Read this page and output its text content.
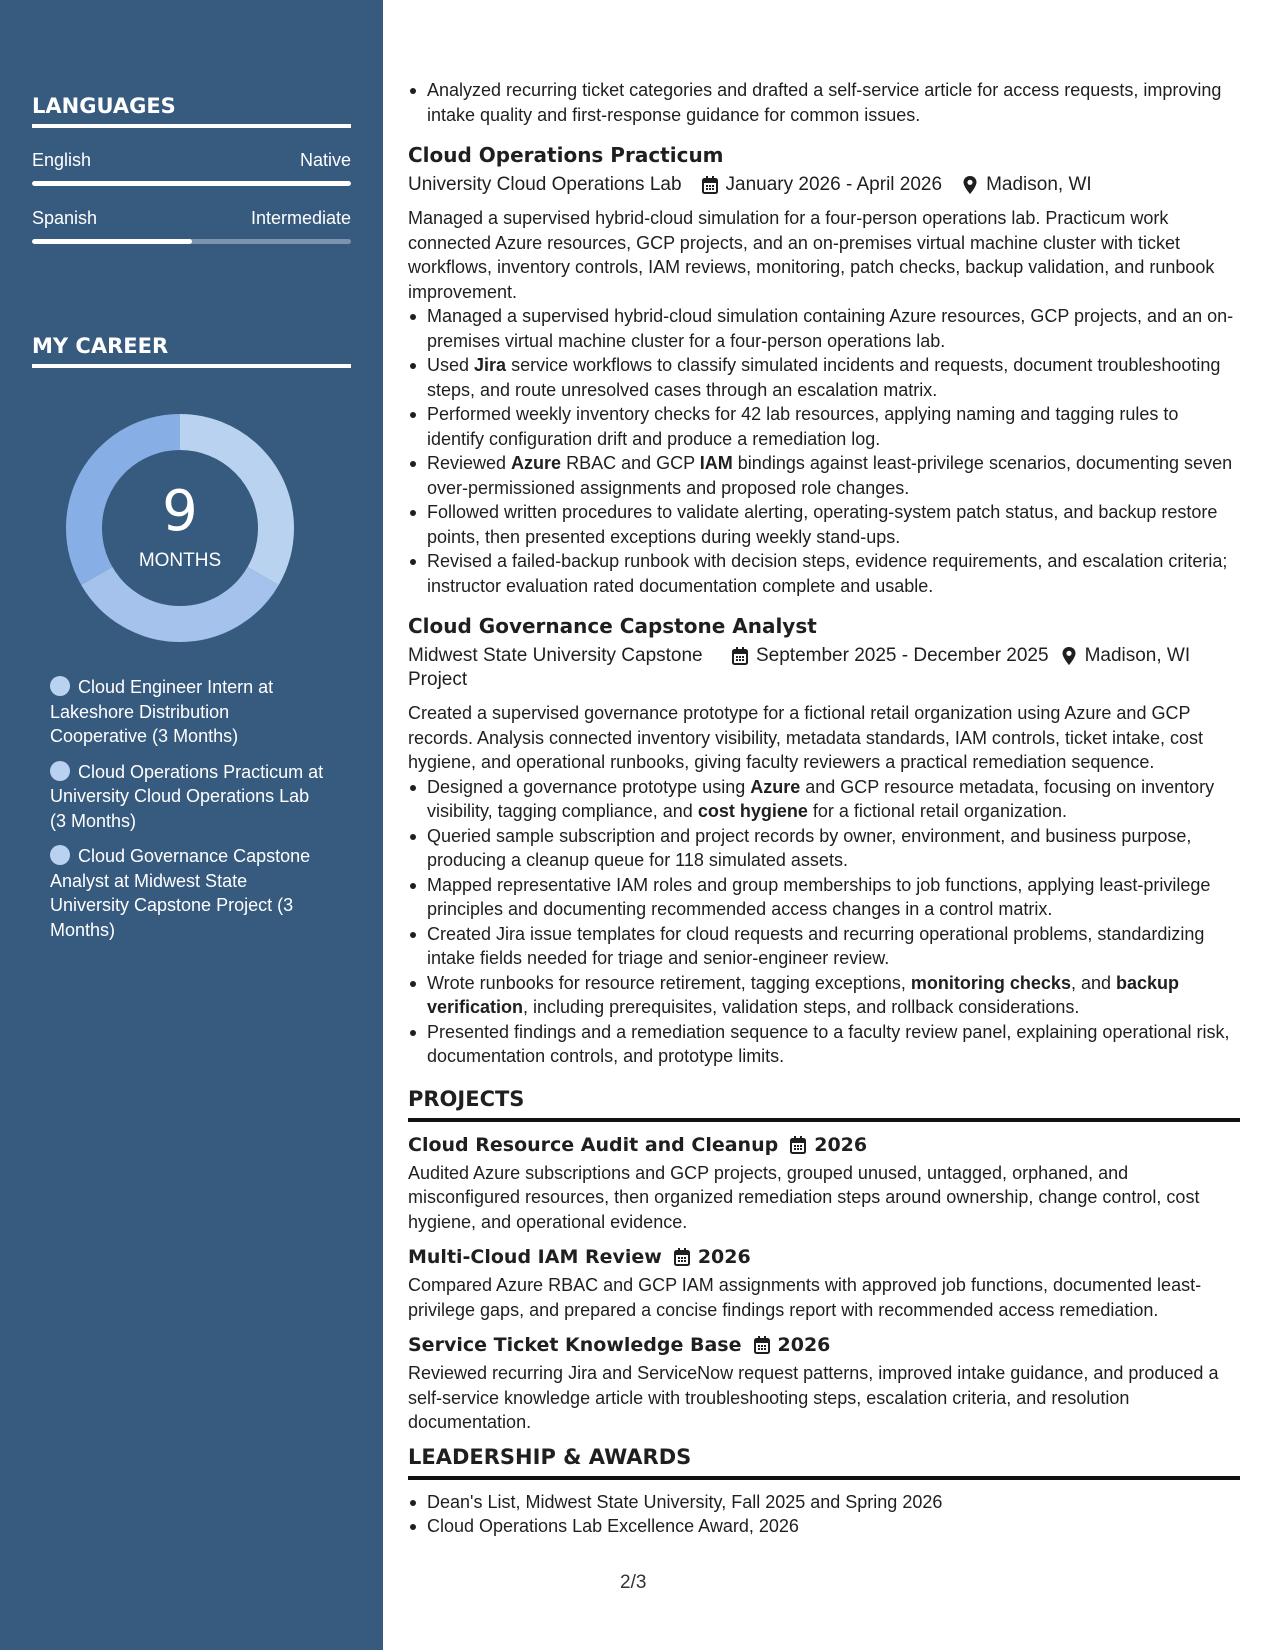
LANGUAGES
English	Native
Spanish	Intermediate
MY CAREER
9
MONTHS
Cloud Engineer Intern at Lakeshore Distribution Cooperative (3 Months)
Cloud Operations Practicum at University Cloud Operations Lab (3 Months)
Cloud Governance Capstone Analyst at Midwest State University Capstone Project (3 Months)
Analyzed recurring ticket categories and drafted a self-service article for access requests, improving intake quality and first-response guidance for common issues.
Cloud Operations Practicum
University Cloud Operations Lab January 2026 - April 2026 Madison, WI

Managed a supervised hybrid-cloud simulation for a four-person operations lab. Practicum work connected Azure resources, GCP projects, and an on-premises virtual machine cluster with ticket workflows, inventory controls, IAM reviews, monitoring, patch checks, backup validation, and runbook improvement.

Managed a supervised hybrid-cloud simulation containing Azure resources, GCP projects, and an on-premises virtual machine cluster for a four-person operations lab.
Used Jira service workflows to classify simulated incidents and requests, document troubleshooting steps, and route unresolved cases through an escalation matrix.
Performed weekly inventory checks for 42 lab resources, applying naming and tagging rules to identify configuration drift and produce a remediation log.
Reviewed Azure RBAC and GCP IAM bindings against least-privilege scenarios, documenting seven over-permissioned assignments and proposed role changes.
Followed written procedures to validate alerting, operating-system patch status, and backup restore points, then presented exceptions during weekly stand-ups.
Revised a failed-backup runbook with decision steps, evidence requirements, and escalation criteria; instructor evaluation rated documentation complete and usable.
Cloud Governance Capstone Analyst
Midwest State University Capstone Project
September 2025 - December 2025 Madison, WI

Created a supervised governance prototype for a fictional retail organization using Azure and GCP records. Analysis connected inventory visibility, metadata standards, IAM controls, ticket intake, cost hygiene, and operational runbooks, giving faculty reviewers a practical remediation sequence.

Designed a governance prototype using Azure and GCP resource metadata, focusing on inventory visibility, tagging compliance, and cost hygiene for a fictional retail organization.
Queried sample subscription and project records by owner, environment, and business purpose, producing a cleanup queue for 118 simulated assets.
Mapped representative IAM roles and group memberships to job functions, applying least-privilege principles and documenting recommended access changes in a control matrix.
Created Jira issue templates for cloud requests and recurring operational problems, standardizing intake fields needed for triage and senior-engineer review.
Wrote runbooks for resource retirement, tagging exceptions, monitoring checks, and backup verification, including prerequisites, validation steps, and rollback considerations.
Presented findings and a remediation sequence to a faculty review panel, explaining operational risk, documentation controls, and prototype limits.
PROJECTS
Cloud Resource Audit and Cleanup 2026

Audited Azure subscriptions and GCP projects, grouped unused, untagged, orphaned, and misconfigured resources, then organized remediation steps around ownership, change control, cost hygiene, and operational evidence.

Multi-Cloud IAM Review 2026

Compared Azure RBAC and GCP IAM assignments with approved job functions, documented least-privilege gaps, and prepared a concise findings report with recommended access remediation.

Service Ticket Knowledge Base 2026

Reviewed recurring Jira and ServiceNow request patterns, improved intake guidance, and produced a self-service knowledge article with troubleshooting steps, escalation criteria, and resolution documentation.

LEADERSHIP & AWARDS
Dean's List, Midwest State University, Fall 2025 and Spring 2026
Cloud Operations Lab Excellence Award, 2026
2/3
